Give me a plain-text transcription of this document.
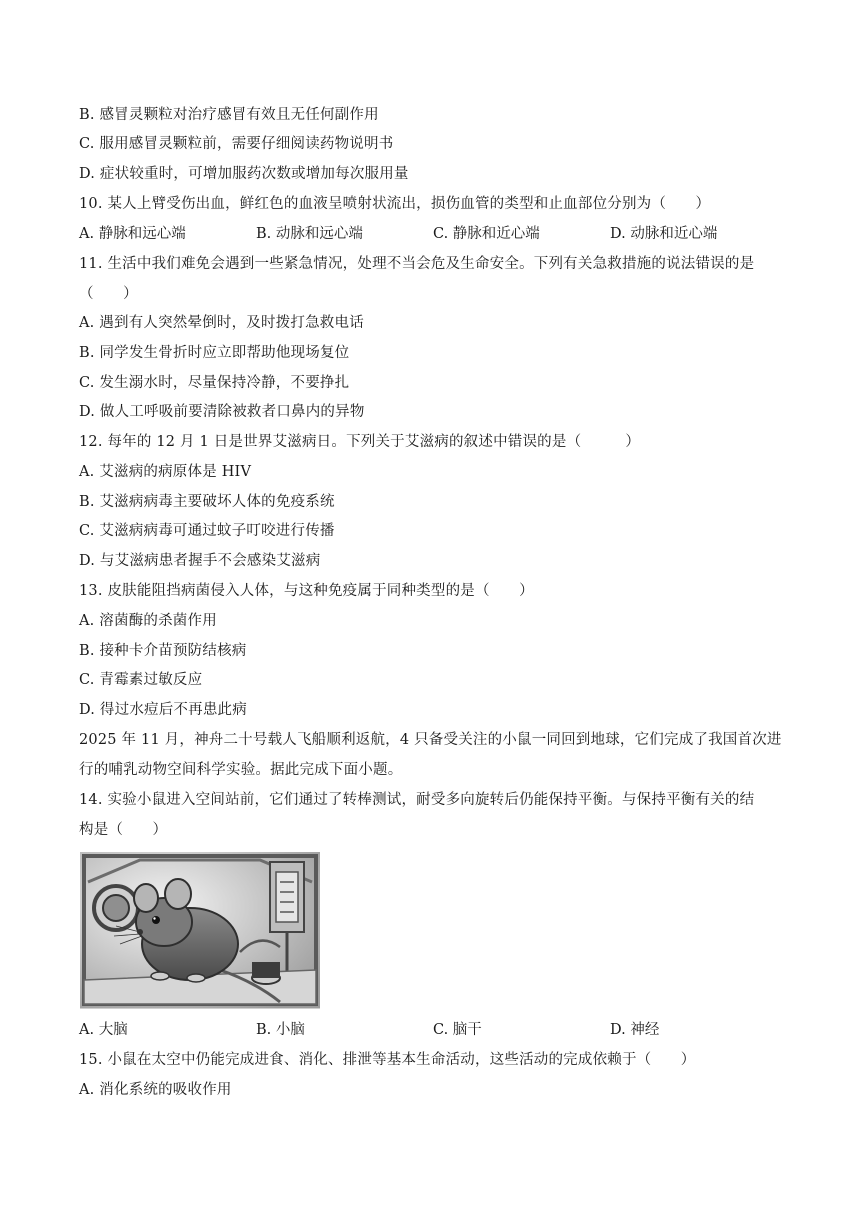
B. 感冒灵颗粒对治疗感冒有效且无任何副作用
C. 服用感冒灵颗粒前，需要仔细阅读药物说明书
D. 症状较重时，可增加服药次数或增加每次服用量
10. 某人上臂受伤出血，鲜红色的血液呈喷射状流出，损伤血管的类型和止血部位分别为（　　）
A. 静脉和远心端	B. 动脉和远心端	C. 静脉和近心端	D. 动脉和近心端
11. 生活中我们难免会遇到一些紧急情况，处理不当会危及生命安全。下列有关急救措施的说法错误的是
（　　）
A. 遇到有人突然晕倒时，及时拨打急救电话
B. 同学发生骨折时应立即帮助他现场复位
C. 发生溺水时，尽量保持冷静，不要挣扎
D. 做人工呼吸前要清除被救者口鼻内的异物
12. 每年的 12 月 1 日是世界艾滋病日。下列关于艾滋病的叙述中错误的是（　　　）
A. 艾滋病的病原体是 HIV
B. 艾滋病病毒主要破坏人体的免疫系统
C. 艾滋病病毒可通过蚊子叮咬进行传播
D. 与艾滋病患者握手不会感染艾滋病
13. 皮肤能阻挡病菌侵入人体，与这种免疫属于同种类型的是（　　）
A. 溶菌酶的杀菌作用
B. 接种卡介苗预防结核病
C. 青霉素过敏反应
D. 得过水痘后不再患此病
2025 年 11 月，神舟二十号载人飞船顺利返航，4 只备受关注的小鼠一同回到地球，它们完成了我国首次进
行的哺乳动物空间科学实验。据此完成下面小题。
14. 实验小鼠进入空间站前，它们通过了转棒测试，耐受多向旋转后仍能保持平衡。与保持平衡有关的结
构是（　　）
A. 大脑	B. 小脑	C. 脑干	D. 神经
15. 小鼠在太空中仍能完成进食、消化、排泄等基本生命活动，这些活动的完成依赖于（　　）
A. 消化系统的吸收作用
